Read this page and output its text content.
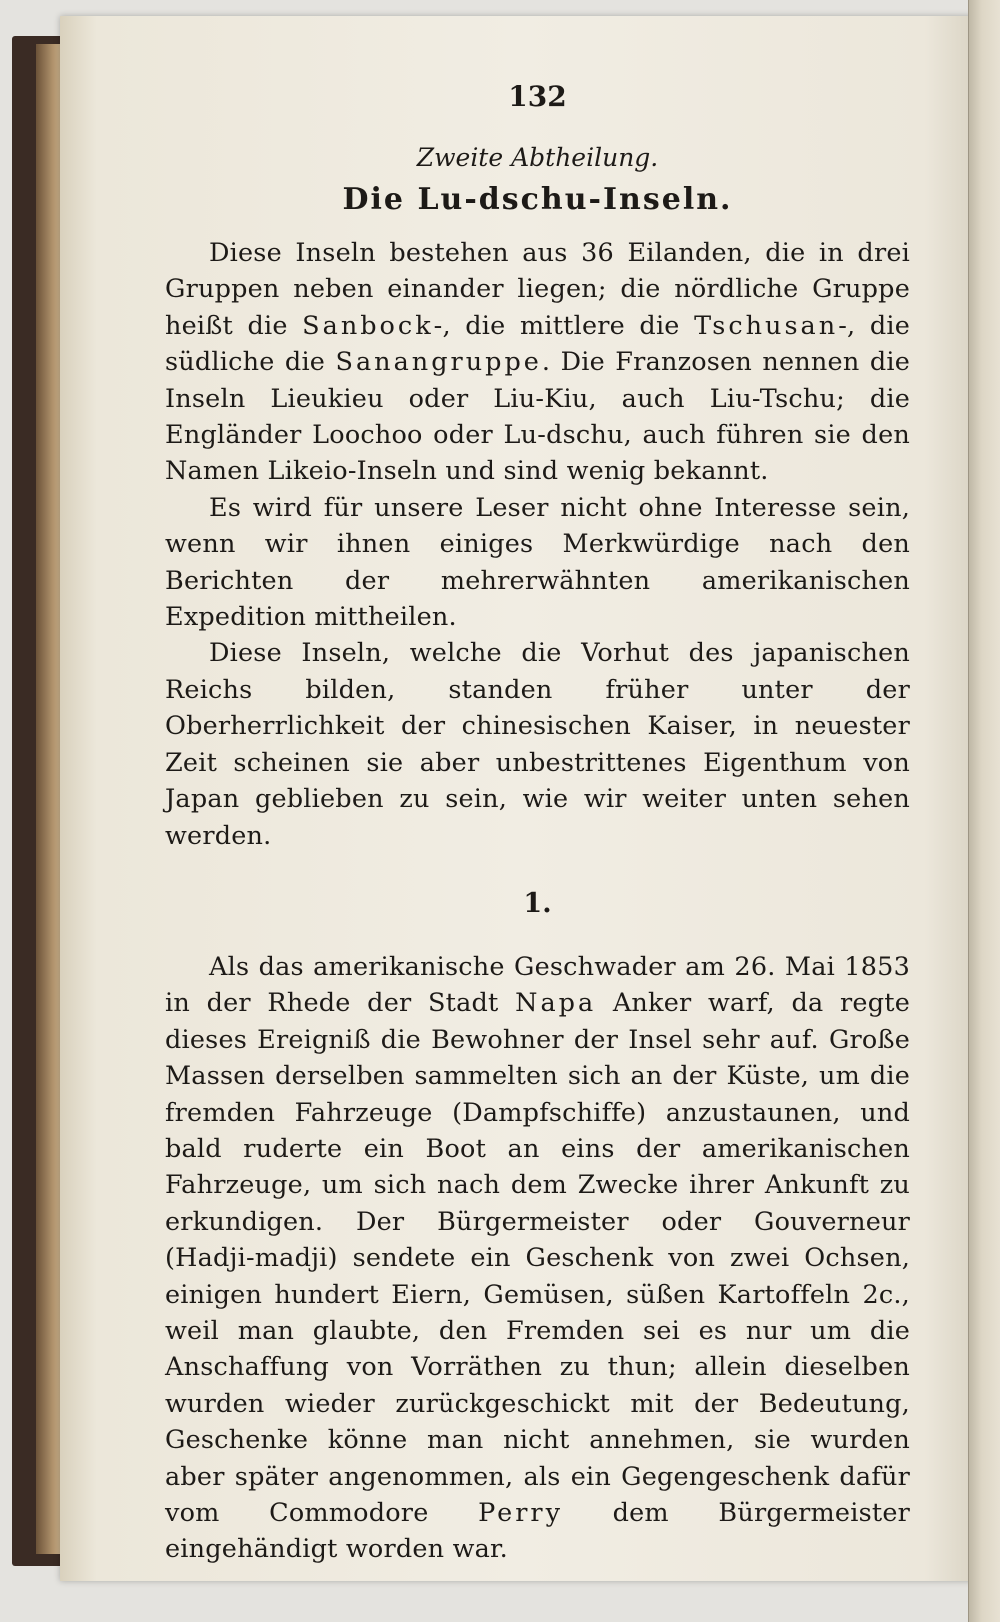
132
Zweite Abtheilung.
Die Lu-dschu-Inseln.

Diese Inseln bestehen aus 36 Eilanden, die in drei Gruppen neben einander liegen; die nördliche Gruppe heißt die Sanbock-, die mittlere die Tschusan-, die südliche die Sanangruppe. Die Franzosen nennen die Inseln Lieukieu oder Liu-Kiu, auch Liu-Tschu; die Engländer Loochoo oder Lu-dschu, auch führen sie den Namen Likeio-Inseln und sind wenig bekannt.

Es wird für unsere Leser nicht ohne Interesse sein, wenn wir ihnen einiges Merkwürdige nach den Berichten der mehrerwähnten amerikanischen Expedition mittheilen.

Diese Inseln, welche die Vorhut des japanischen Reichs bilden, standen früher unter der Oberherrlichkeit der chinesischen Kaiser, in neuester Zeit scheinen sie aber unbestrittenes Eigenthum von Japan geblieben zu sein, wie wir weiter unten sehen werden.

1.

Als das amerikanische Geschwader am 26. Mai 1853 in der Rhede der Stadt Napa Anker warf, da regte dieses Ereigniß die Bewohner der Insel sehr auf. Große Massen derselben sammelten sich an der Küste, um die fremden Fahrzeuge (Dampfschiffe) anzustaunen, und bald ruderte ein Boot an eins der amerikanischen Fahrzeuge, um sich nach dem Zwecke ihrer Ankunft zu erkundigen. Der Bürgermeister oder Gouverneur (Hadji-madji) sendete ein Geschenk von zwei Ochsen, einigen hundert Eiern, Gemüsen, süßen Kartoffeln 2c., weil man glaubte, den Fremden sei es nur um die Anschaffung von Vorräthen zu thun; allein dieselben wurden wieder zurückgeschickt mit der Bedeutung, Geschenke könne man nicht annehmen, sie wurden aber später angenommen, als ein Gegengeschenk dafür vom Commodore Perry dem Bürgermeister eingehändigt worden war.
